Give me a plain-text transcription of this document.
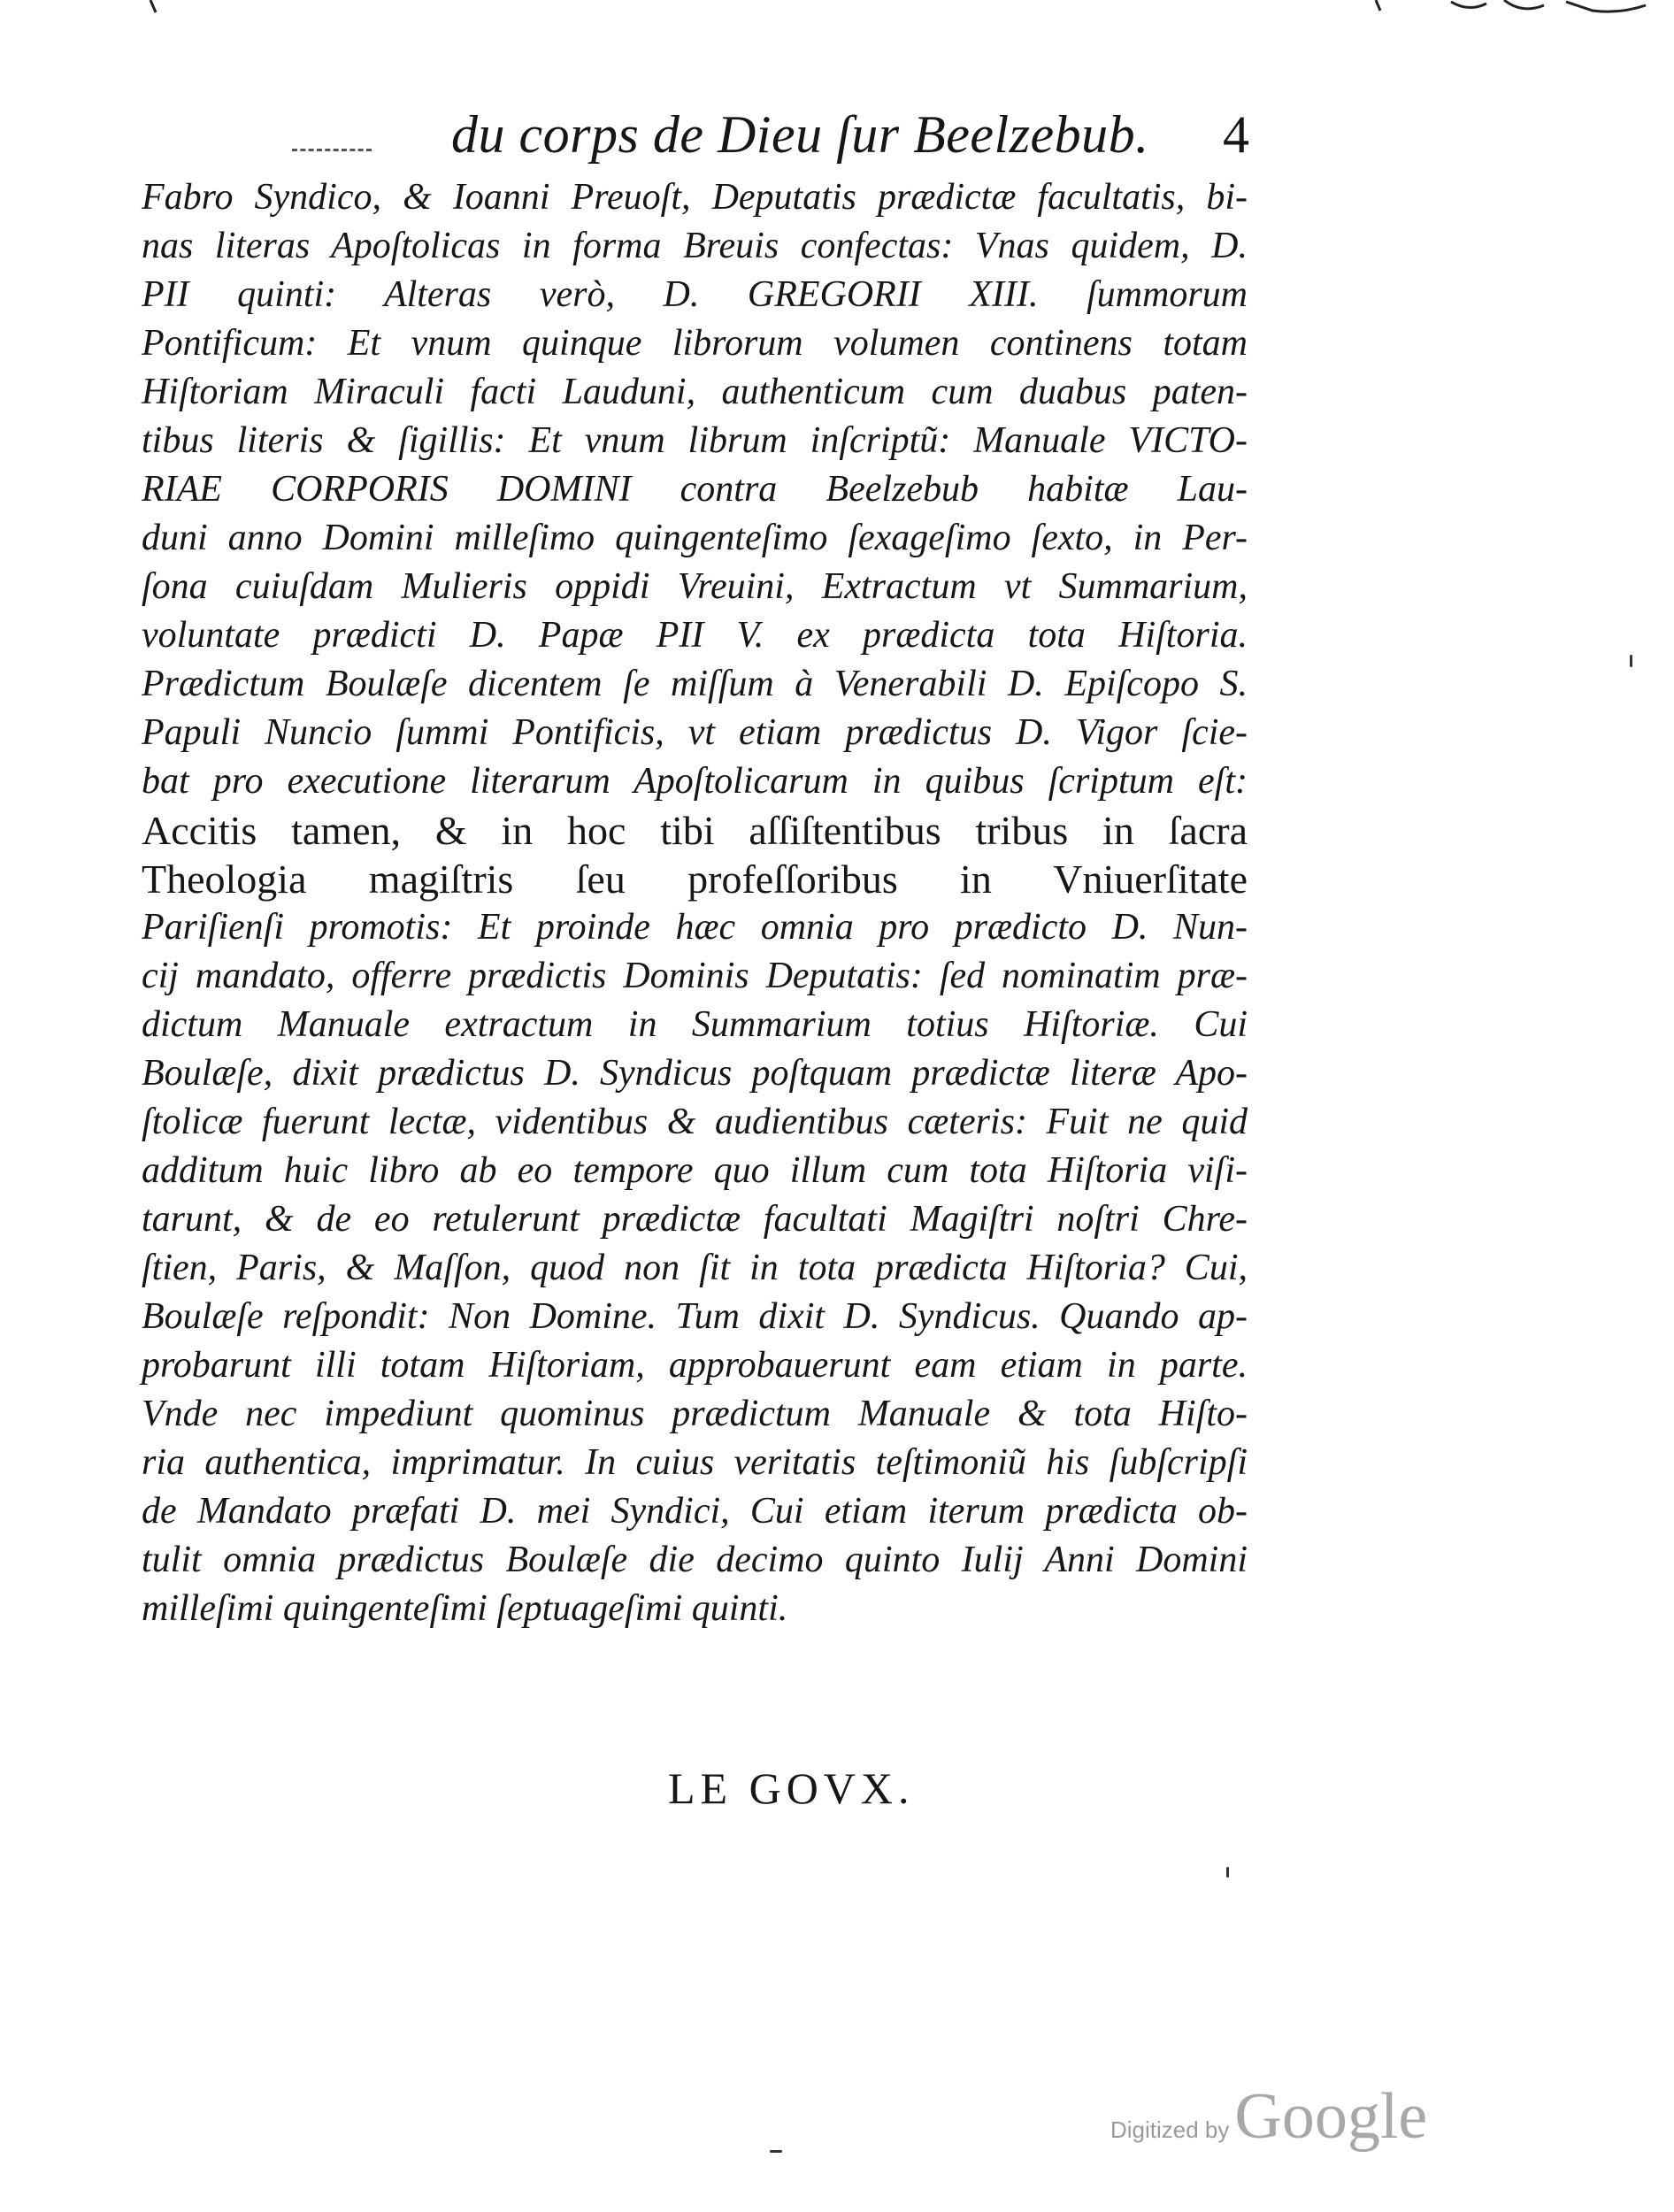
du corps de Dieu ſur Beelzebub. 4
Fabro Syndico, & Ioanni Preuoſt, Deputatis prædictæ facultatis, bi-
nas literas Apoſtolicas in forma Breuis confectas: Vnas quidem, D.
PII quinti: Alteras verò, D. GREGORII XIII. ſummorum
Pontificum: Et vnum quinque librorum volumen continens totam
Hiſtoriam Miraculi facti Lauduni, authenticum cum duabus paten-
tibus literis & ſigillis: Et vnum librum inſcriptũ: Manuale VICTO-
RIAE CORPORIS DOMINI contra Beelzebub habitæ Lau-
duni anno Domini milleſimo quingenteſimo ſexageſimo ſexto, in Per-
ſona cuiuſdam Mulieris oppidi Vreuini, Extractum vt Summarium,
voluntate prædicti D. Papæ PII V. ex prædicta tota Hiſtoria.
Prædictum Boulæſe dicentem ſe miſſum à Venerabili D. Epiſcopo S.
Papuli Nuncio ſummi Pontificis, vt etiam prædictus D. Vigor ſcie-
bat pro executione literarum Apoſtolicarum in quibus ſcriptum eſt:
Accitis tamen, & in hoc tibi aſſiſtentibus tribus in ſacra
Theologia magiſtris ſeu profeſſoribus in Vniuerſitate
Pariſienſi promotis: Et proinde hæc omnia pro prædicto D. Nun-
cij mandato, offerre prædictis Dominis Deputatis: ſed nominatim præ-
dictum Manuale extractum in Summarium totius Hiſtoriæ. Cui
Boulæſe, dixit prædictus D. Syndicus poſtquam prædictæ literæ Apo-
ſtolicæ fuerunt lectæ, videntibus & audientibus cæteris: Fuit ne quid
additum huic libro ab eo tempore quo illum cum tota Hiſtoria viſi-
tarunt, & de eo retulerunt prædictæ facultati Magiſtri noſtri Chre-
ſtien, Paris, & Maſſon, quod non ſit in tota prædicta Hiſtoria? Cui,
Boulæſe reſpondit: Non Domine. Tum dixit D. Syndicus. Quando ap-
probarunt illi totam Hiſtoriam, approbauerunt eam etiam in parte.
Vnde nec impediunt quominus prædictum Manuale & tota Hiſto-
ria authentica, imprimatur. In cuius veritatis teſtimoniũ his ſubſcripſi
de Mandato præfati D. mei Syndici, Cui etiam iterum prædicta ob-
tulit omnia prædictus Boulæſe die decimo quinto Iulij Anni Domini
milleſimi quingenteſimi ſeptuageſimi quinti.
LE GOVX.
Digitized byGoogle
